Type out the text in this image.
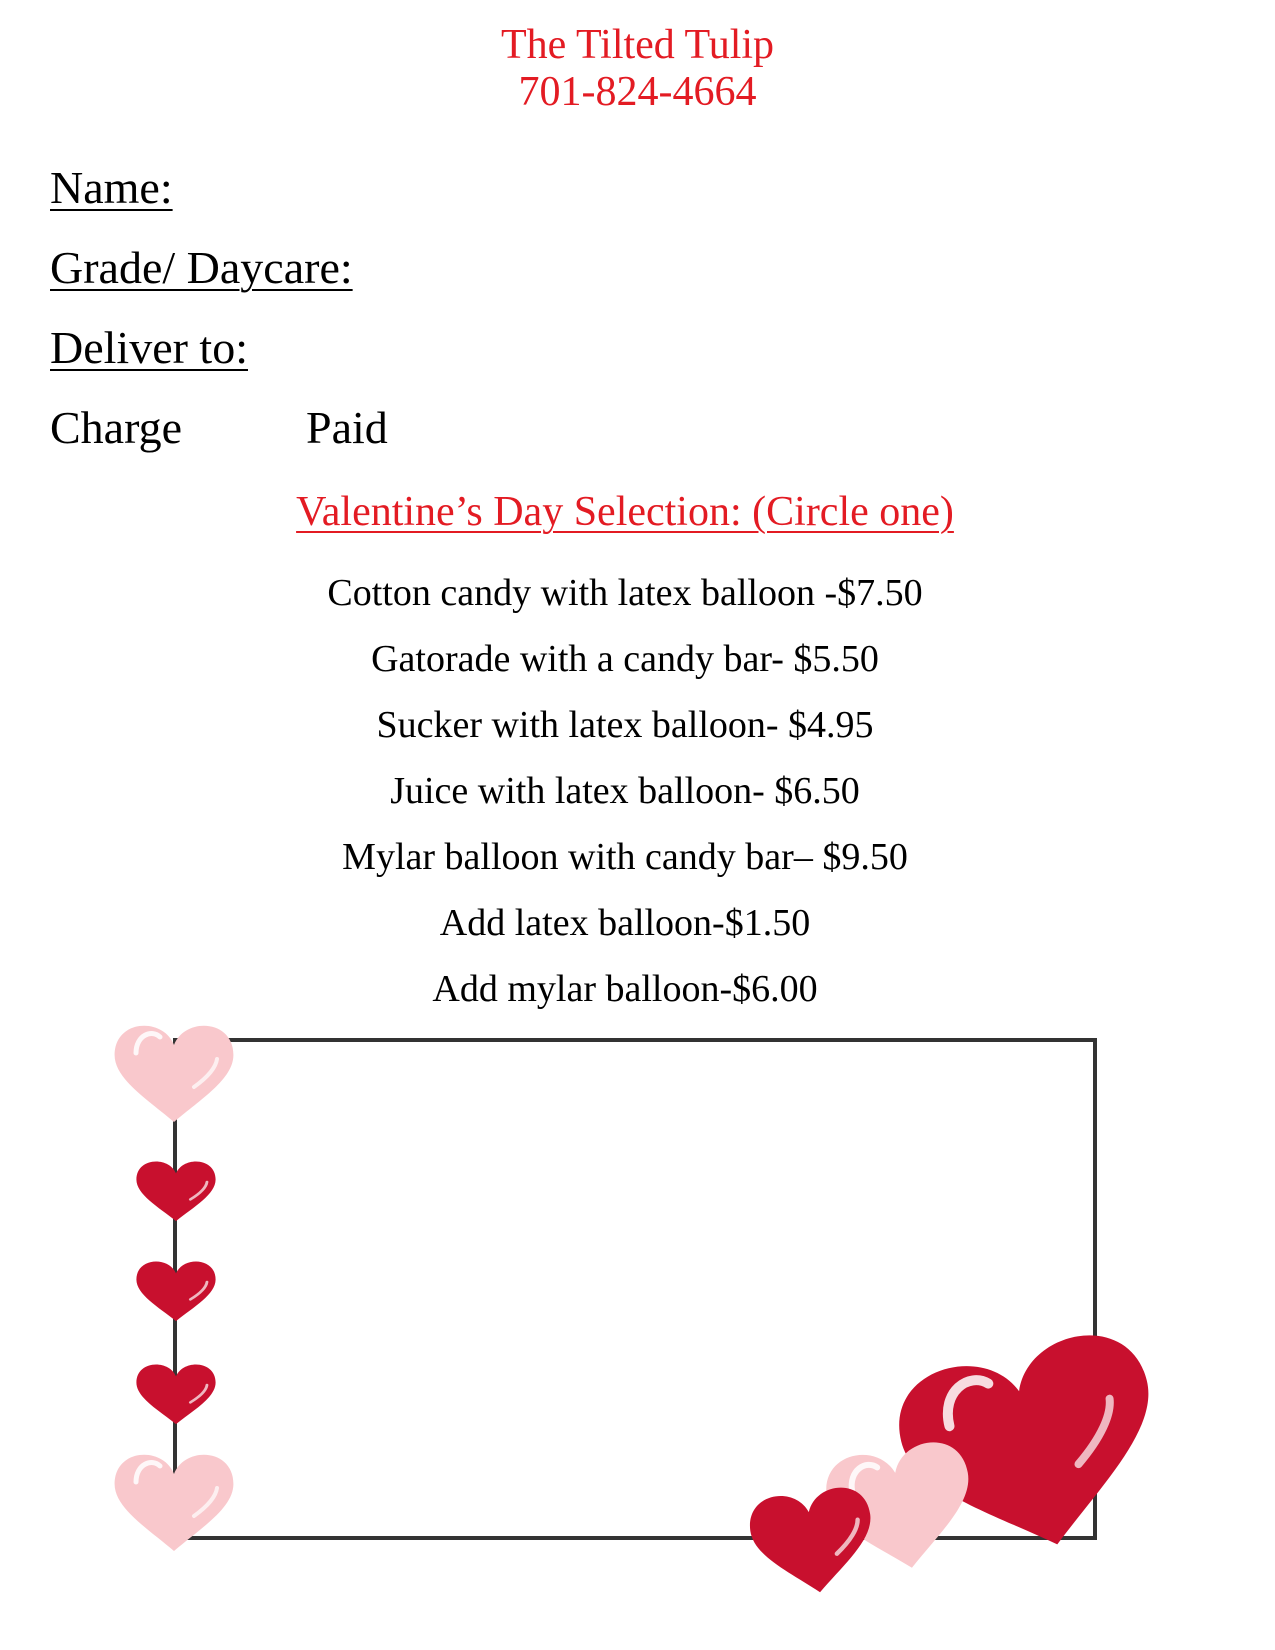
The Tilted Tulip
701-824-4664
Name:
Grade/ Daycare:
Deliver to:
Charge	Paid
Valentine’s Day Selection: (Circle one)
Cotton candy with latex balloon -$7.50
Gatorade with a candy bar- $5.50
Sucker with latex balloon- $4.95
Juice with latex balloon- $6.50
Mylar balloon with candy bar– $9.50
Add latex balloon-$1.50
Add mylar balloon-$6.00
